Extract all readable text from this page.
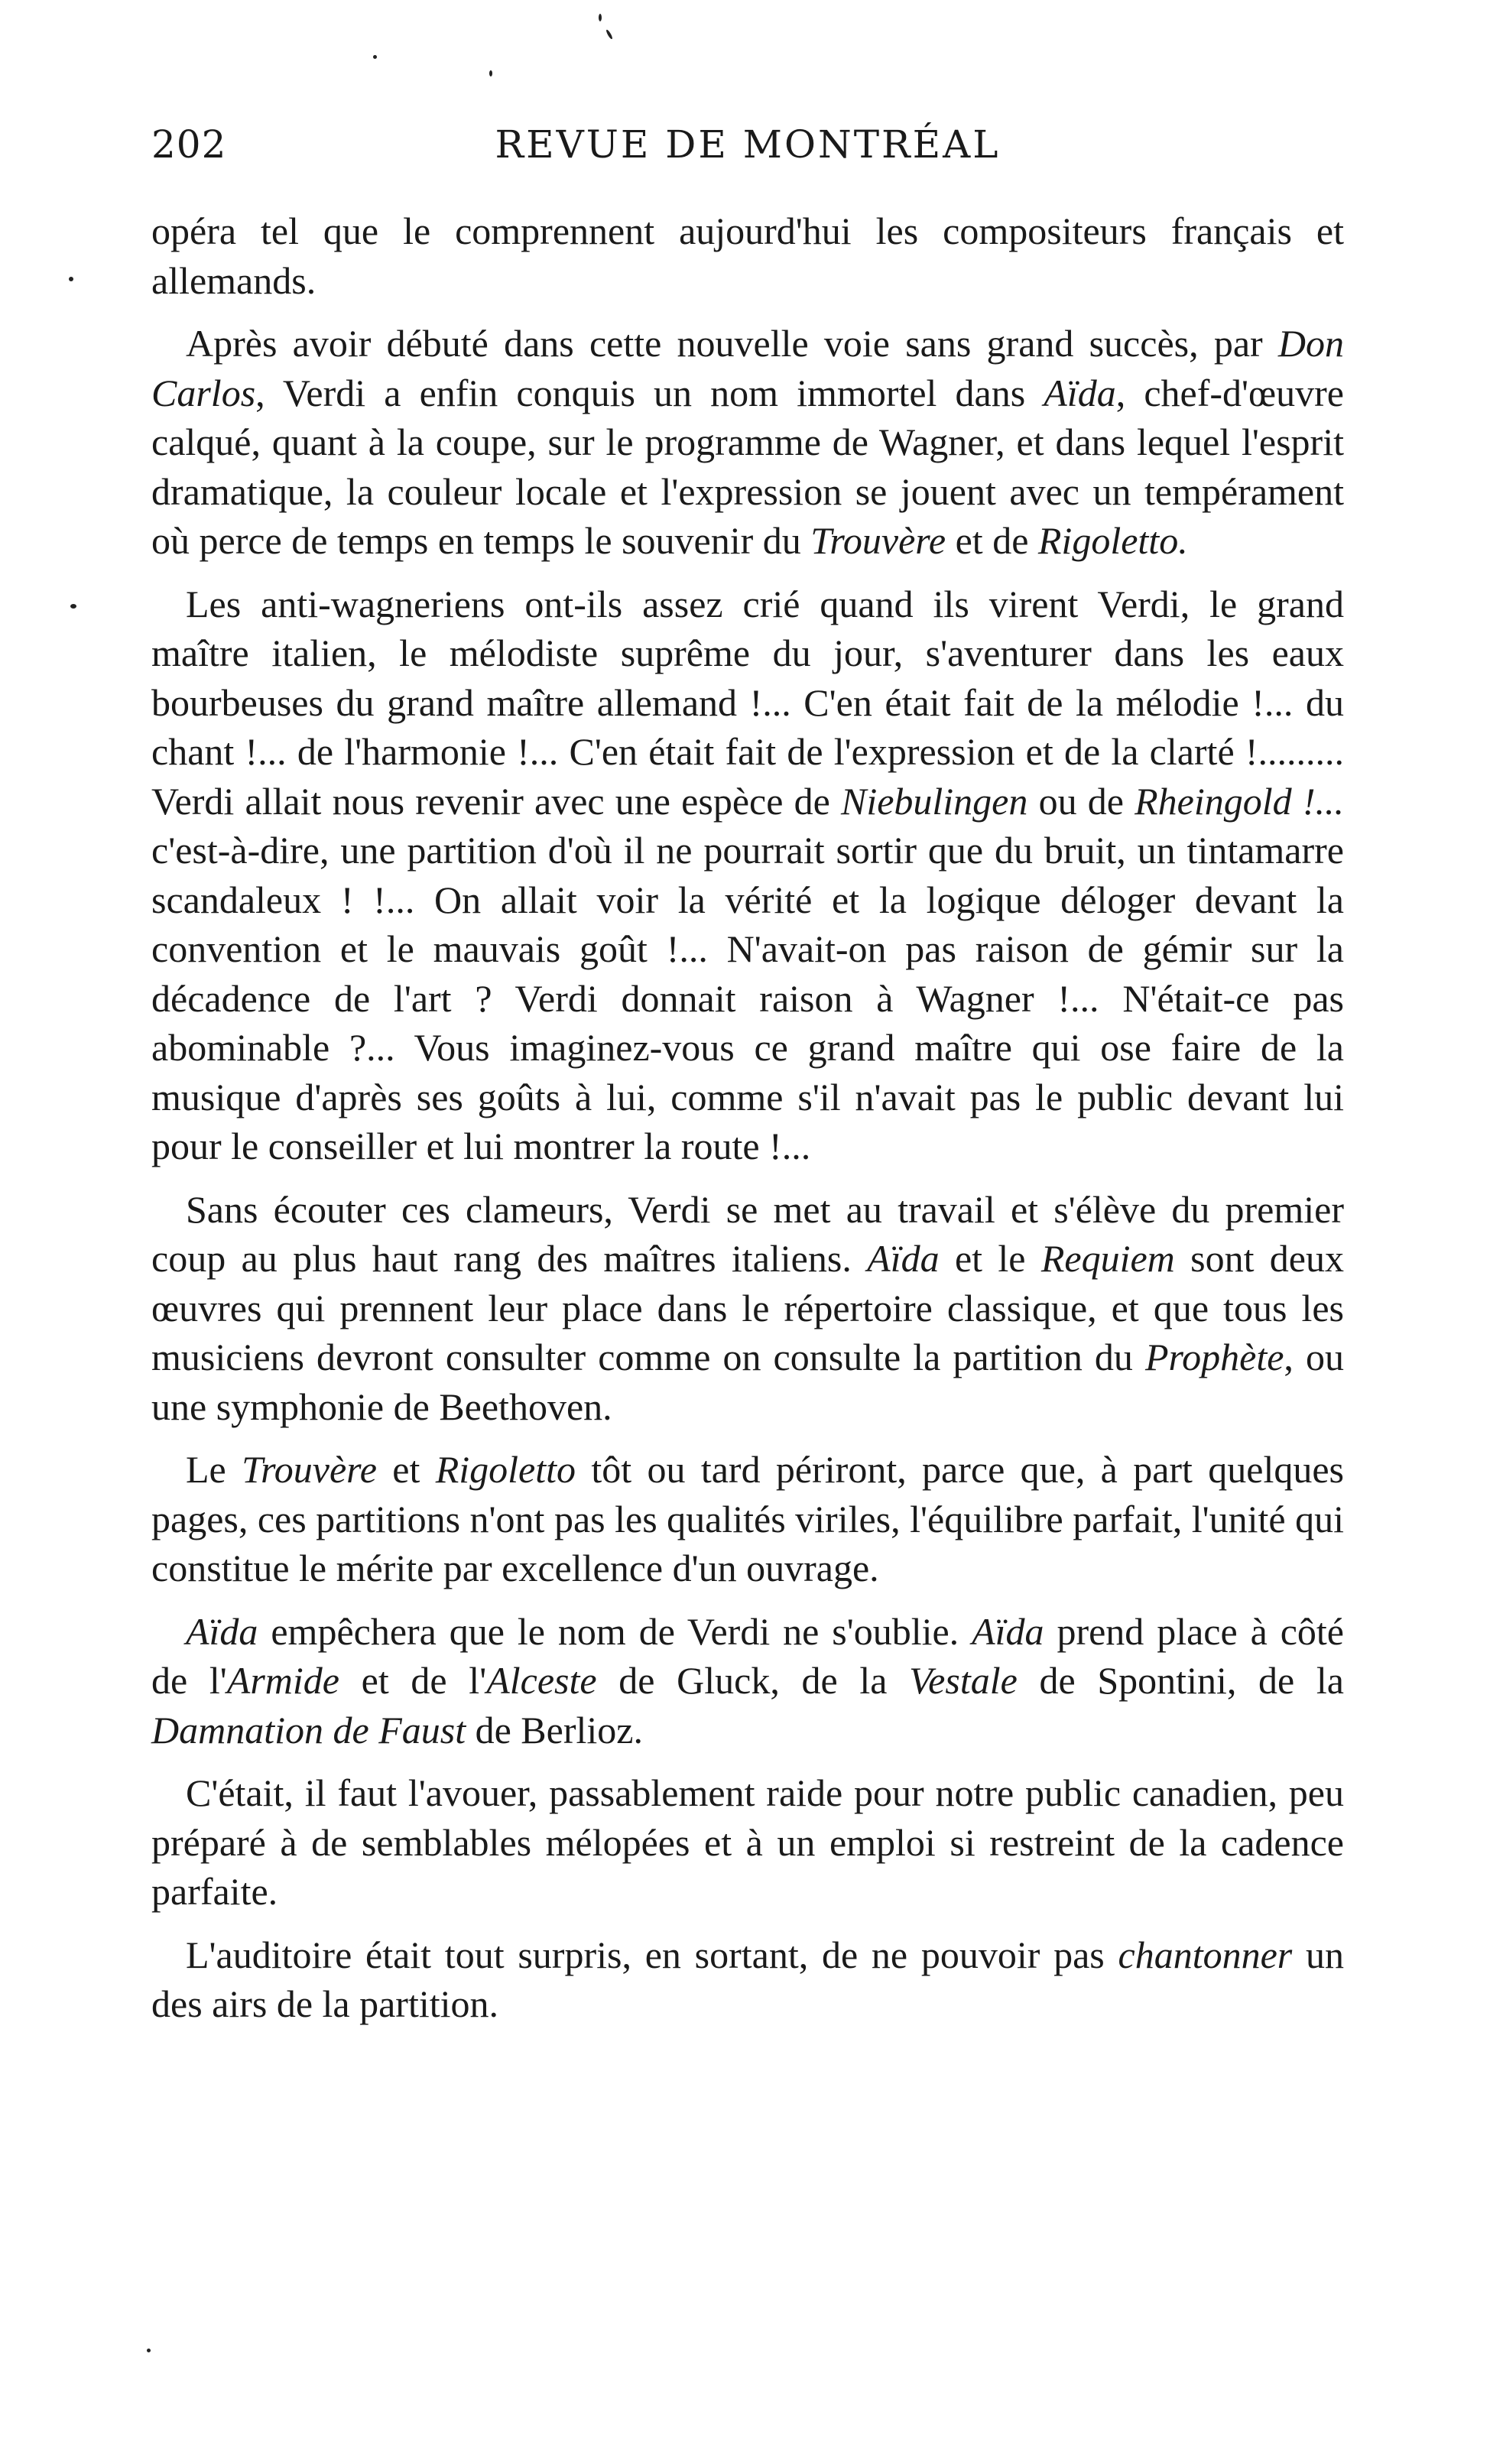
202	REVUE DE MONTRÉAL

opéra tel que le comprennent aujourd'hui les compositeurs français et allemands.

Après avoir débuté dans cette nouvelle voie sans grand succès, par Don Carlos, Verdi a enfin conquis un nom immortel dans Aïda, chef-d'œuvre calqué, quant à la coupe, sur le programme de Wagner, et dans lequel l'esprit dramatique, la couleur locale et l'expression se jouent avec un tempérament où perce de temps en temps le souvenir du Trouvère et de Rigoletto.

Les anti-wagneriens ont-ils assez crié quand ils virent Verdi, le grand maître italien, le mélodiste suprême du jour, s'aventurer dans les eaux bourbeuses du grand maître allemand !... C'en était fait de la mélodie !... du chant !... de l'harmonie !... C'en était fait de l'expression et de la clarté !......... Verdi allait nous revenir avec une espèce de Niebulingen ou de Rheingold !... c'est-à-dire, une partition d'où il ne pourrait sortir que du bruit, un tintamarre scandaleux ! !... On allait voir la vérité et la logique déloger devant la convention et le mauvais goût !... N'avait-on pas raison de gémir sur la décadence de l'art ? Verdi donnait raison à Wagner !... N'était-ce pas abominable ?... Vous imaginez-vous ce grand maître qui ose faire de la musique d'après ses goûts à lui, comme s'il n'avait pas le public devant lui pour le conseiller et lui montrer la route !...

Sans écouter ces clameurs, Verdi se met au travail et s'élève du premier coup au plus haut rang des maîtres italiens. Aïda et le Requiem sont deux œuvres qui prennent leur place dans le répertoire classique, et que tous les musiciens devront consulter comme on consulte la partition du Prophète, ou une symphonie de Beethoven.

Le Trouvère et Rigoletto tôt ou tard périront, parce que, à part quelques pages, ces partitions n'ont pas les qualités viriles, l'équilibre parfait, l'unité qui constitue le mérite par excellence d'un ouvrage.

Aïda empêchera que le nom de Verdi ne s'oublie. Aïda prend place à côté de l'Armide et de l'Alceste de Gluck, de la Vestale de Spontini, de la Damnation de Faust de Berlioz.

C'était, il faut l'avouer, passablement raide pour notre public canadien, peu préparé à de semblables mélopées et à un emploi si restreint de la cadence parfaite.

L'auditoire était tout surpris, en sortant, de ne pouvoir pas chantonner un des airs de la partition.
